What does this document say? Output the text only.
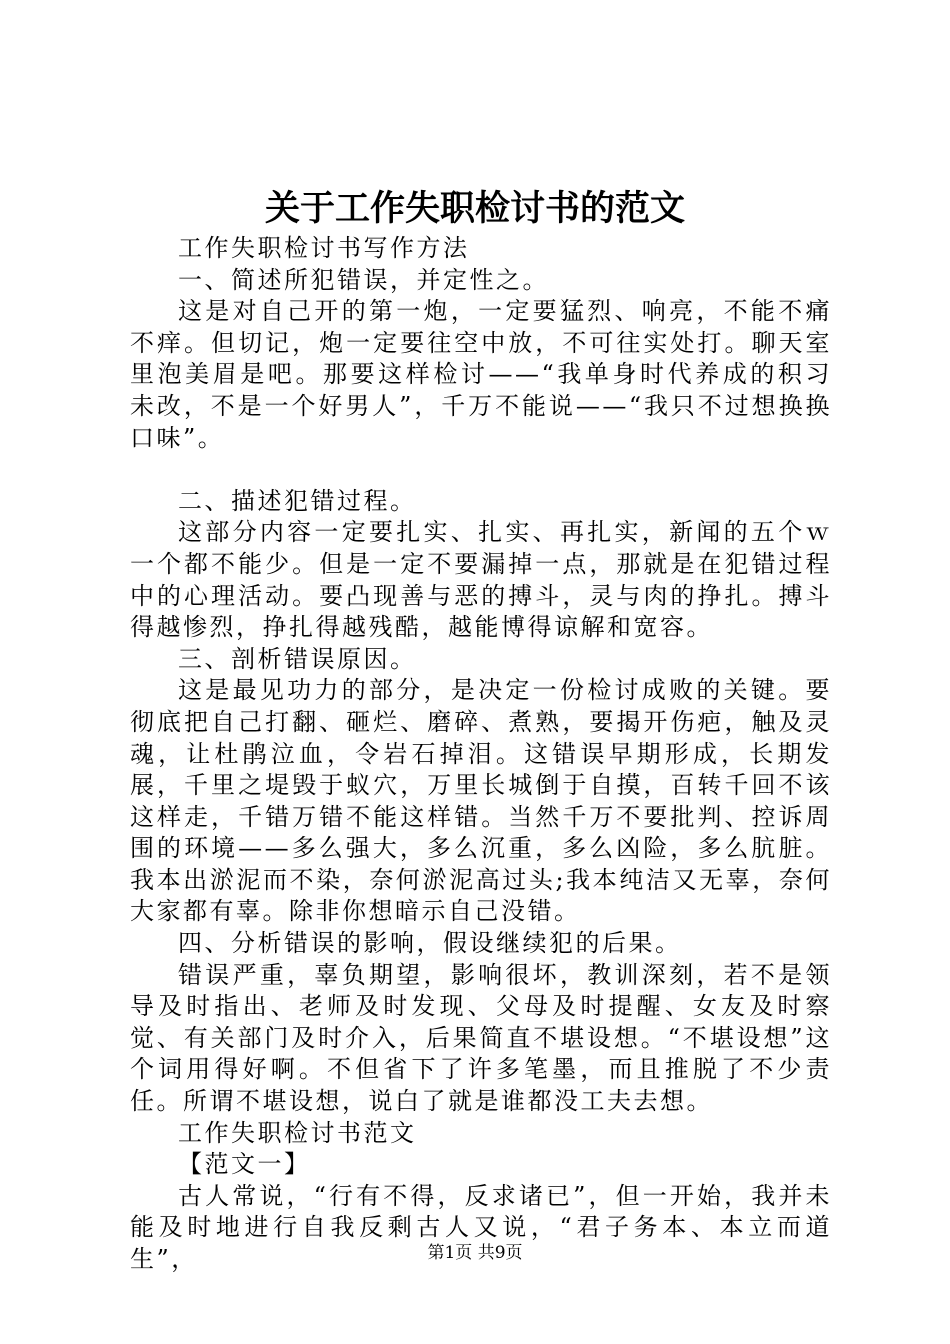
关于工作失职检讨书的范文

工作失职检讨书写作方法

一、简述所犯错误，并定性之。

这是对自己开的第一炮，一定要猛烈、响亮，不能不痛不痒。但切记，炮一定要往空中放，不可往实处打。聊天室里泡美眉是吧。那要这样检讨——“我单身时代养成的积习未改，不是一个好男人”，千万不能说——“我只不过想换换口味”。

二、描述犯错过程。

这部分内容一定要扎实、扎实、再扎实，新闻的五个ｗ一个都不能少。但是一定不要漏掉一点，那就是在犯错过程中的心理活动。要凸现善与恶的搏斗，灵与肉的挣扎。搏斗得越惨烈，挣扎得越残酷，越能博得谅解和宽容。

三、剖析错误原因。

这是最见功力的部分，是决定一份检讨成败的关键。要彻底把自己打翻、砸烂、磨碎、煮熟，要揭开伤疤，触及灵魂，让杜鹃泣血，令岩石掉泪。这错误早期形成，长期发展，千里之堤毁于蚁穴，万里长城倒于自摸，百转千回不该这样走，千错万错不能这样错。当然千万不要批判、控诉周围的环境——多么强大，多么沉重，多么凶险，多么肮脏。我本出淤泥而不染，奈何淤泥高过头;我本纯洁又无辜，奈何大家都有辜。除非你想暗示自己没错。

四、分析错误的影响，假设继续犯的后果。

错误严重，辜负期望，影响很坏，教训深刻，若不是领导及时指出、老师及时发现、父母及时提醒、女友及时察觉、有关部门及时介入，后果简直不堪设想。“不堪设想”这个词用得好啊。不但省下了许多笔墨，而且推脱了不少责任。所谓不堪设想，说白了就是谁都没工夫去想。

工作失职检讨书范文

【范文一】

古人常说，“行有不得，反求诸已”，但一开始，我并未能及时地进行自我反剩古人又说，“君子务本、本立而道生”，	第1页 共9页
